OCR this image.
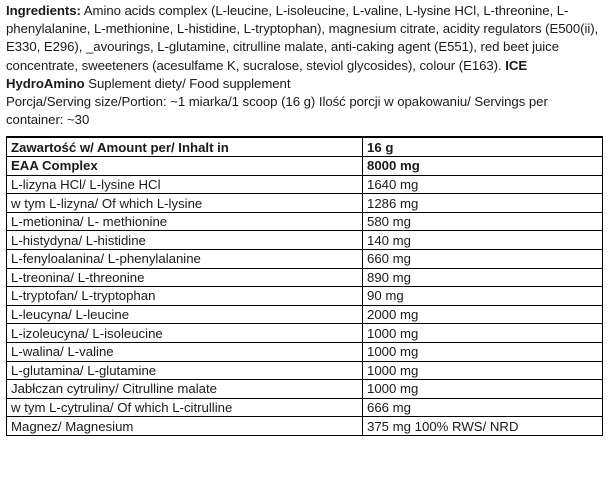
Ingredients: Amino acids complex (L-leucine, L-isoleucine, L-valine, L-lysine HCl, L-threonine, L-phenylalanine, L-methionine, L-histidine, L-tryptophan), magnesium citrate, acidity regulators (E500(ii), E330, E296), _avourings, L-glutamine, citrulline malate, anti-caking agent (E551), red beet juice concentrate, sweeteners (acesulfame K, sucralose, steviol glycosides), colour (E163). ICE HydroAmino Suplement diety/ Food supplement
Porcja/Serving size/Portion: ~1 miarka/1 scoop (16 g) Ilość porcji w opakowaniu/ Servings per container: ~30

Zawartość w/ Amount per/ Inhalt in	16 g
EAA Complex	8000 mg
L-lizyna HCl/ L-lysine HCl	1640 mg
w tym L-lizyna/ Of which L-lysine	1286 mg
L-metionina/ L- methionine	580 mg
L-histydyna/ L-histidine	140 mg
L-fenyloalanina/ L-phenylalanine	660 mg
L-treonina/ L-threonine	890 mg
L-tryptofan/ L-tryptophan	90 mg
L-leucyna/ L-leucine	2000 mg
L-izoleucyna/ L-isoleucine	1000 mg
L-walina/ L-valine	1000 mg
L-glutamina/ L-glutamine	1000 mg
Jabłczan cytruliny/ Citrulline malate	1000 mg
w tym L-cytrulina/ Of which L-citrulline	666 mg
Magnez/ Magnesium	375 mg 100% RWS/ NRD
